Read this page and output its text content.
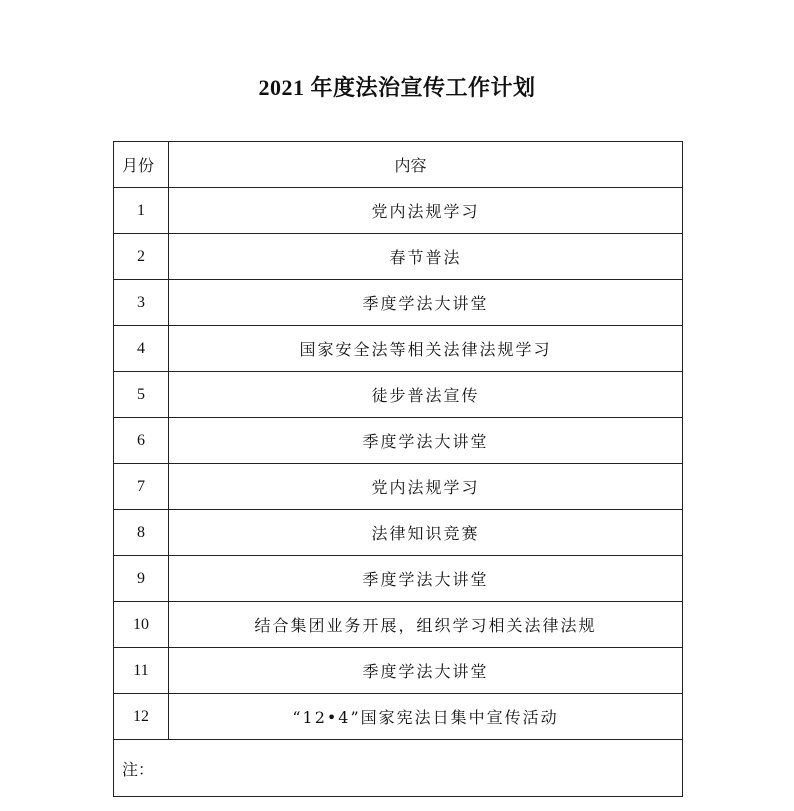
2021 年度法治宣传工作计划
月份	内容
1	党内法规学习
2	春节普法
3	季度学法大讲堂
4	国家安全法等相关法律法规学习
5	徒步普法宣传
6	季度学法大讲堂
7	党内法规学习
8	法律知识竞赛
9	季度学法大讲堂
10	结合集团业务开展，组织学习相关法律法规
11	季度学法大讲堂
12	“12•4”国家宪法日集中宣传活动
注：	
